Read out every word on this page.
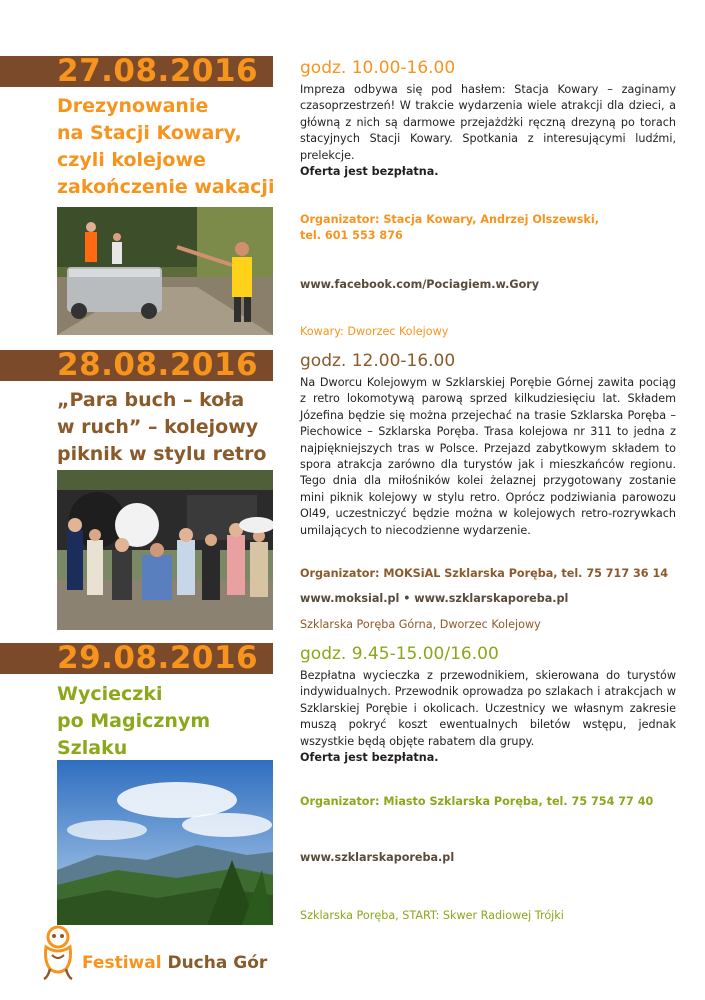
27.08.2016
Drezynowanie
na Stacji Kowary,
czyli kolejowe
zakończenie wakacji
godz. 10.00-16.00
Impreza odbywa się pod hasłem: Stacja Kowary – zaginamy czasoprzestrzeń! W trakcie wydarzenia wiele atrakcji dla dzieci, a główną z nich są darmowe przejażdżki ręczną drezyną po torach stacyjnych Stacji Kowary. Spotkania z interesującymi ludźmi, prelekcje.
Oferta jest bezpłatna.
Organizator: Stacja Kowary, Andrzej Olszewski,
tel. 601 553 876
www.facebook.com/Pociagiem.w.Gory
Kowary: Dworzec Kolejowy
28.08.2016
„Para buch – koła
w ruch” – kolejowy
piknik w stylu retro
godz. 12.00-16.00
Na Dworcu Kolejowym w Szklarskiej Porębie Górnej zawita pociąg z retro lokomotywą parową sprzed kilkudziesięciu lat. Składem Józefina będzie się można przejechać na trasie Szklarska Poręba – Piechowice – Szklarska Poręba. Trasa kolejowa nr 311 to jedna z najpiękniejszych tras w Polsce. Przejazd zabytkowym składem to spora atrakcja zarówno dla turystów jak i mieszkańców regionu. Tego dnia dla miłośników kolei żelaznej przygotowany zostanie mini piknik kolejowy w stylu retro. Oprócz podziwiania parowozu Ol49, uczestniczyć będzie można w kolejowych retro-rozrywkach umilających to niecodzienne wydarzenie.
Organizator: MOKSiAL Szklarska Poręba, tel. 75 717 36 14
www.moksial.pl • www.szklarskaporeba.pl
Szklarska Poręba Górna, Dworzec Kolejowy
29.08.2016
Wycieczki
po Magicznym Szlaku
godz. 9.45-15.00/16.00
Bezpłatna wycieczka z przewodnikiem, skierowana do turystów indywidualnych. Przewodnik oprowadza po szlakach i atrakcjach w Szklarskiej Porębie i okolicach. Uczestnicy we własnym zakresie muszą pokryć koszt ewentualnych biletów wstępu, jednak wszystkie będą objęte rabatem dla grupy.
Oferta jest bezpłatna.
Organizator: Miasto Szklarska Poręba, tel. 75 754 77 40
www.szklarskaporeba.pl
Szklarska Poręba, START: Skwer Radiowej Trójki
Festiwal Ducha Gór
